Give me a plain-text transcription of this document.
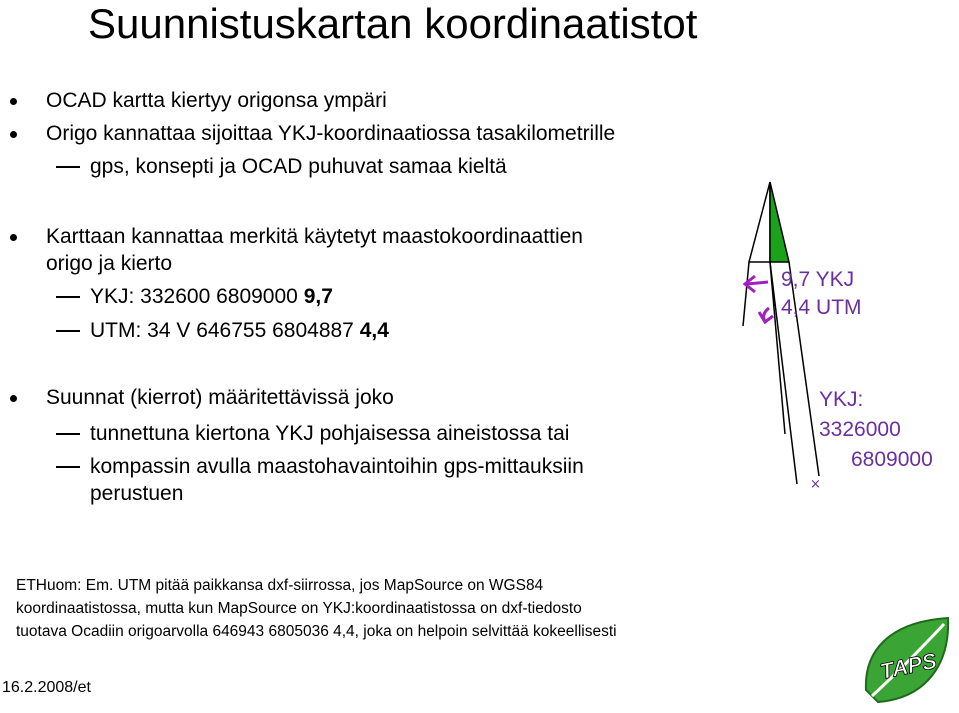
Suunnistuskartan koordinaatistot
OCAD kartta kiertyy origonsa ympäri
Origo kannattaa sijoittaa YKJ-koordinaatiossa tasakilometrille
gps, konsepti ja OCAD puhuvat samaa kieltä
Karttaan kannattaa merkitä käytetyt maastokoordinaattien
origo ja kierto
YKJ: 332600 6809000 9,7
UTM: 34 V 646755 6804887 4,4
Suunnat (kierrot) määritettävissä joko
tunnettuna kiertona YKJ pohjaisessa aineistossa tai
kompassin avulla maastohavaintoihin gps-mittauksiin
perustuen
9,7 YKJ
4,4 UTM
YKJ:
3326000
6809000
×
ETHuom: Em. UTM pitää paikkansa dxf-siirrossa, jos MapSource on WGS84
koordinaatistossa, mutta kun MapSource on YKJ:koordinaatistossa on dxf-tiedosto
tuotava Ocadiin origoarvolla 646943 6805036 4,4, joka on helpoin selvittää kokeellisesti
16.2.2008/et
TAPS
